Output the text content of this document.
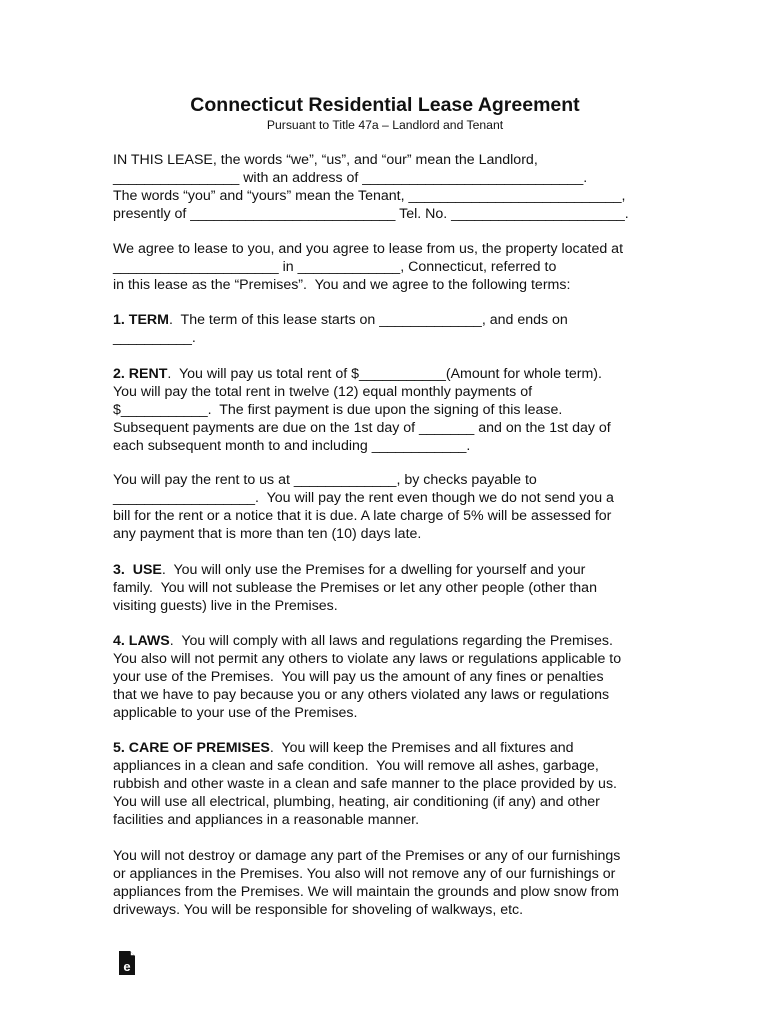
Connecticut Residential Lease Agreement

Pursuant to Title 47a – Landlord and Tenant

IN THIS LEASE, the words “we”, “us”, and “our” mean the Landlord,
________________ with an address of ____________________________.
The words “you” and “yours” mean the Tenant, ___________________________,
presently of __________________________ Tel. No. ______________________.
We agree to lease to you, and you agree to lease from us, the property located at
_____________________ in _____________, Connecticut, referred to
in this lease as the “Premises”.  You and we agree to the following terms:
1. TERM.  The term of this lease starts on _____________, and ends on
__________.
2. RENT.  You will pay us total rent of $___________(Amount for whole term).
You will pay the total rent in twelve (12) equal monthly payments of
$___________.  The first payment is due upon the signing of this lease.
Subsequent payments are due on the 1st day of _______ and on the 1st day of
each subsequent month to and including ____________.
You will pay the rent to us at _____________, by checks payable to
__________________.  You will pay the rent even though we do not send you a
bill for the rent or a notice that it is due. A late charge of 5% will be assessed for
any payment that is more than ten (10) days late.
3.  USE.  You will only use the Premises for a dwelling for yourself and your
family.  You will not sublease the Premises or let any other people (other than
visiting guests) live in the Premises.
4. LAWS.  You will comply with all laws and regulations regarding the Premises.
You also will not permit any others to violate any laws or regulations applicable to
your use of the Premises.  You will pay us the amount of any fines or penalties
that we have to pay because you or any others violated any laws or regulations
applicable to your use of the Premises.
5. CARE OF PREMISES.  You will keep the Premises and all fixtures and
appliances in a clean and safe condition.  You will remove all ashes, garbage,
rubbish and other waste in a clean and safe manner to the place provided by us.
You will use all electrical, plumbing, heating, air conditioning (if any) and other
facilities and appliances in a reasonable manner.
You will not destroy or damage any part of the Premises or any of our furnishings
or appliances in the Premises. You also will not remove any of our furnishings or
appliances from the Premises. We will maintain the grounds and plow snow from
driveways. You will be responsible for shoveling of walkways, etc.
e
